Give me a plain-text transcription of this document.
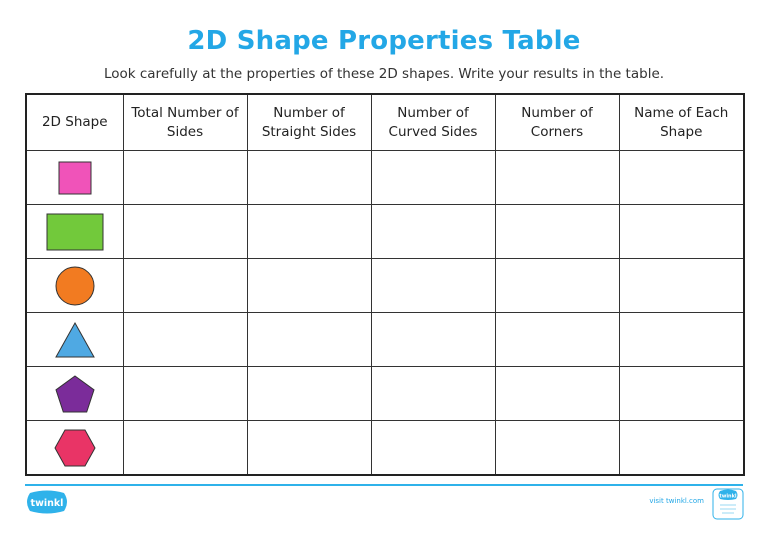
2D Shape Properties Table
Look carefully at the properties of these 2D shapes. Write your results in the table.
2D Shape	Total Number of Sides	Number of Straight Sides	Number of Curved Sides	Number of Corners	Name of Each Shape

twinkl	visit twinkl.com
twinkl
